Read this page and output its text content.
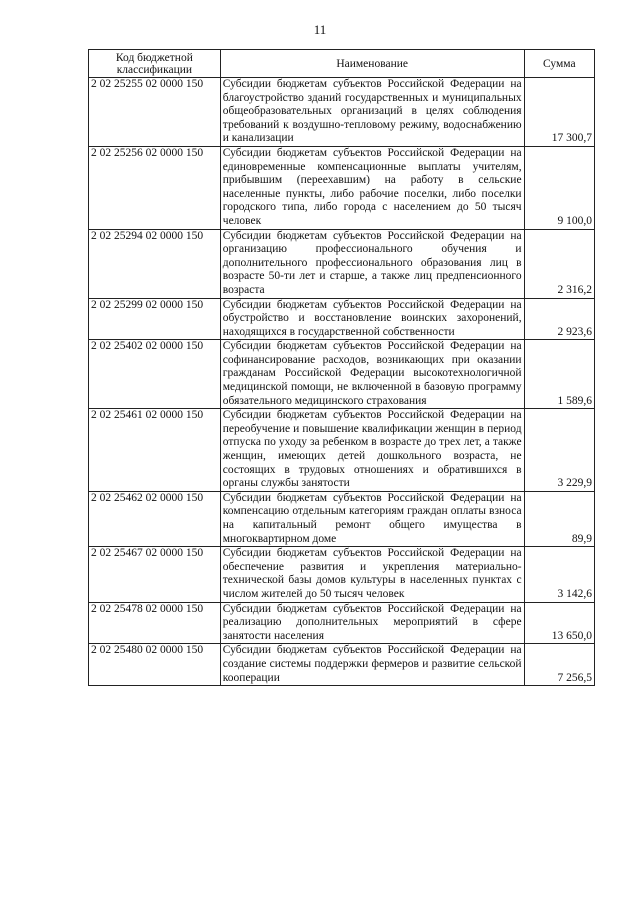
11
Код бюджетной классификации	Наименование	Сумма
2 02 25255 02 0000 150	Субсидии бюджетам субъектов Российской Федерации на благоустройство зданий государственных и муниципальных общеобразовательных организаций в целях соблюдения требований к воздушно-тепловому режиму, водоснабжению и канализации	17 300,7
2 02 25256 02 0000 150	Субсидии бюджетам субъектов Российской Федерации на единовременные компенсационные выплаты учителям, прибывшим (переехавшим) на работу в сельские населенные пункты, либо рабочие поселки, либо поселки городского типа, либо города с населением до 50 тысяч человек	9 100,0
2 02 25294 02 0000 150	Субсидии бюджетам субъектов Российской Федерации на организацию профессионального обучения и дополнительного профессионального образования лиц в возрасте 50-ти лет и старше, а также лиц предпенсионного возраста	2 316,2
2 02 25299 02 0000 150	Субсидии бюджетам субъектов Российской Федерации на обустройство и восстановление воинских захоронений, находящихся в государственной собственности	2 923,6
2 02 25402 02 0000 150	Субсидии бюджетам субъектов Российской Федерации на софинансирование расходов, возникающих при оказании гражданам Российской Федерации высокотехнологичной медицинской помощи, не включенной в базовую программу обязательного медицинского страхования	1 589,6
2 02 25461 02 0000 150	Субсидии бюджетам субъектов Российской Федерации на переобучение и повышение квалификации женщин в период отпуска по уходу за ребенком в возрасте до трех лет, а также женщин, имеющих детей дошкольного возраста, не состоящих в трудовых отношениях и обратившихся в органы службы занятости	3 229,9
2 02 25462 02 0000 150	Субсидии бюджетам субъектов Российской Федерации на компенсацию отдельным категориям граждан оплаты взноса на капитальный ремонт общего имущества в многоквартирном доме	89,9
2 02 25467 02 0000 150	Субсидии бюджетам субъектов Российской Федерации на обеспечение развития и укрепления материально-технической базы домов культуры в населенных пунктах с числом жителей до 50 тысяч человек	3 142,6
2 02 25478 02 0000 150	Субсидии бюджетам субъектов Российской Федерации на реализацию дополнительных мероприятий в сфере занятости населения	13 650,0
2 02 25480 02 0000 150	Субсидии бюджетам субъектов Российской Федерации на создание системы поддержки фермеров и развитие сельской кооперации	7 256,5
